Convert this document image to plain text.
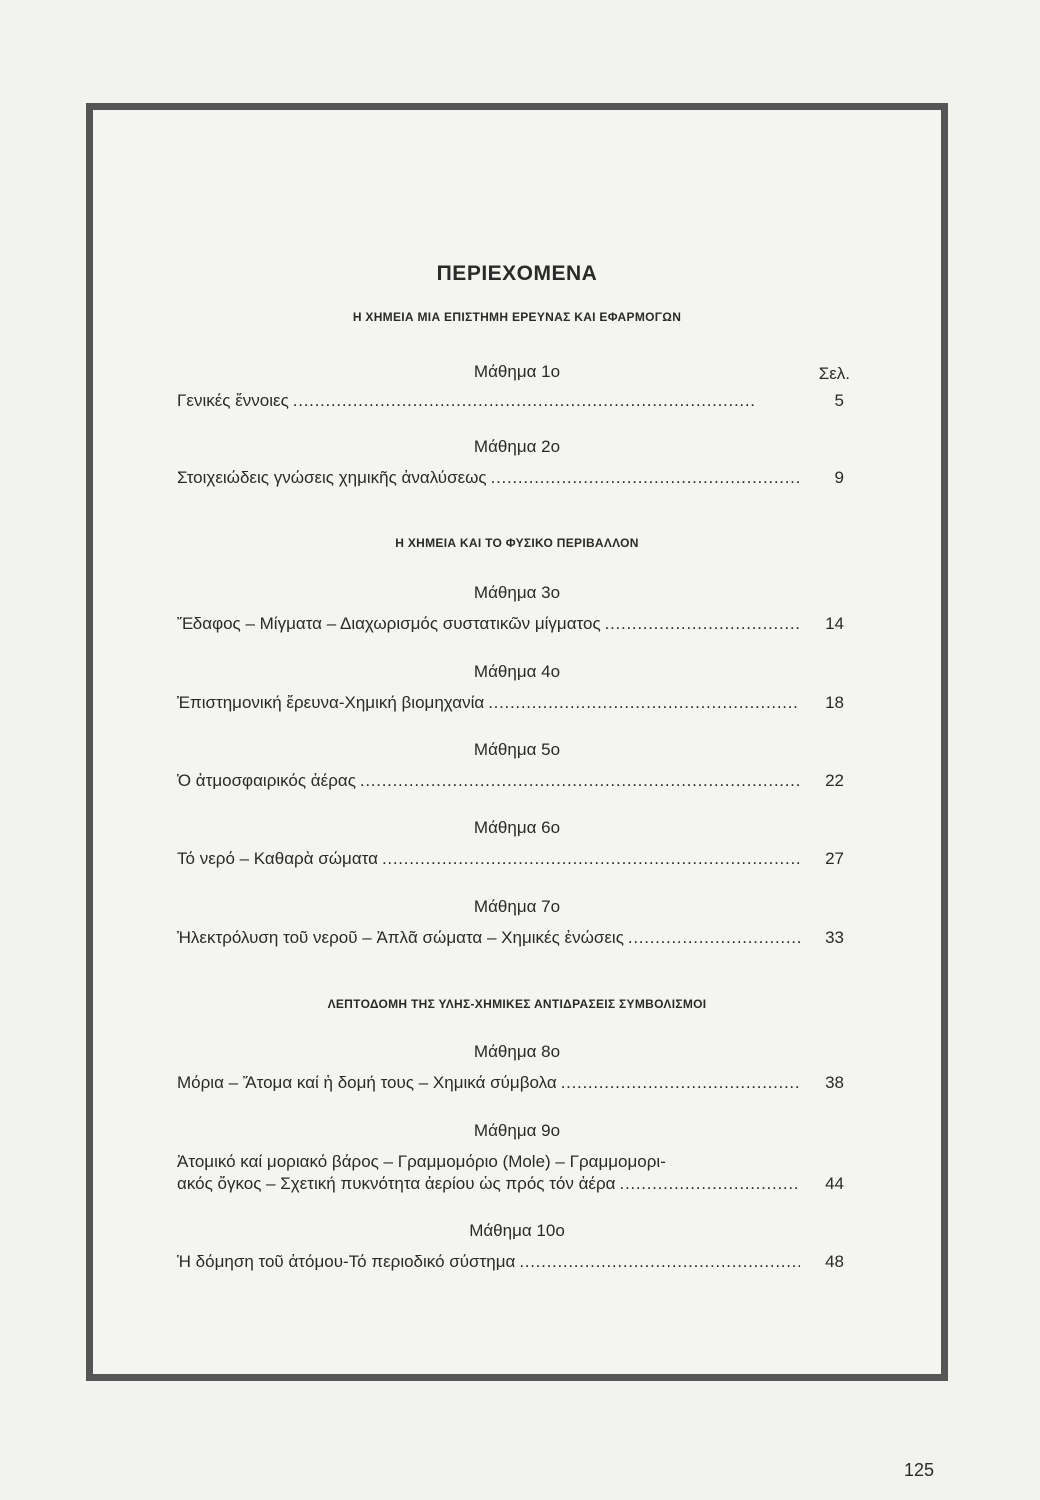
ΠΕΡΙΕΧΟΜΕΝΑ
Η ΧΗΜΕΙΑ ΜΙΑ ΕΠΙΣΤΗΜΗ ΕΡΕΥΝΑΣ ΚΑΙ ΕΦΑΡΜΟΓΩΝ
Μάθημα 1ο	Σελ.
Γενικές ἔννοιες . . .	5
Μάθημα 2ο
Στοιχειώδεις γνώσεις χημικῆς ἀναλύσεως . . .	9
Η ΧΗΜΕΙΑ ΚΑΙ ΤΟ ΦΥΣΙΚΟ ΠΕΡΙΒΑΛΛΟΝ
Μάθημα 3ο
Ἔδαφος – Μίγματα – Διαχωρισμός συστατικῶν μίγματος . . .	14
Μάθημα 4ο
Ἐπιστημονική ἔρευνα-Χημική βιομηχανία . . .	18
Μάθημα 5ο
Ὁ ἀτμοσφαιρικός ἀέρας . . .	22
Μάθημα 6ο
Τό νερό – Καθαρὰ σώματα . . .	27
Μάθημα 7ο
Ἠλεκτρόλυση τοῦ νεροῦ – Ἀπλᾶ σώματα – Χημικές ἐνώσεις . . .	33
ΛΕΠΤΟΔΟΜΗ ΤΗΣ ΥΛΗΣ-ΧΗΜΙΚΕΣ ΑΝΤΙΔΡΑΣΕΙΣ ΣΥΜΒΟΛΙΣΜΟΙ
Μάθημα 8ο
Μόρια – Ἄτομα καί ἡ δομή τους – Χημικά σύμβολα . . .	38
Μάθημα 9ο
Ἀτομικό καί μοριακό βάρος – Γραμμομόριο (Mole) – Γραμμομορι-
ακός ὄγκος – Σχετική πυκνότητα ἀερίου ὡς πρός τόν ἀέρα . . .	44
Μάθημα 10ο
Ἡ δόμηση τοῦ ἀτόμου-Τό περιοδικό σύστημα . . .	48
125
